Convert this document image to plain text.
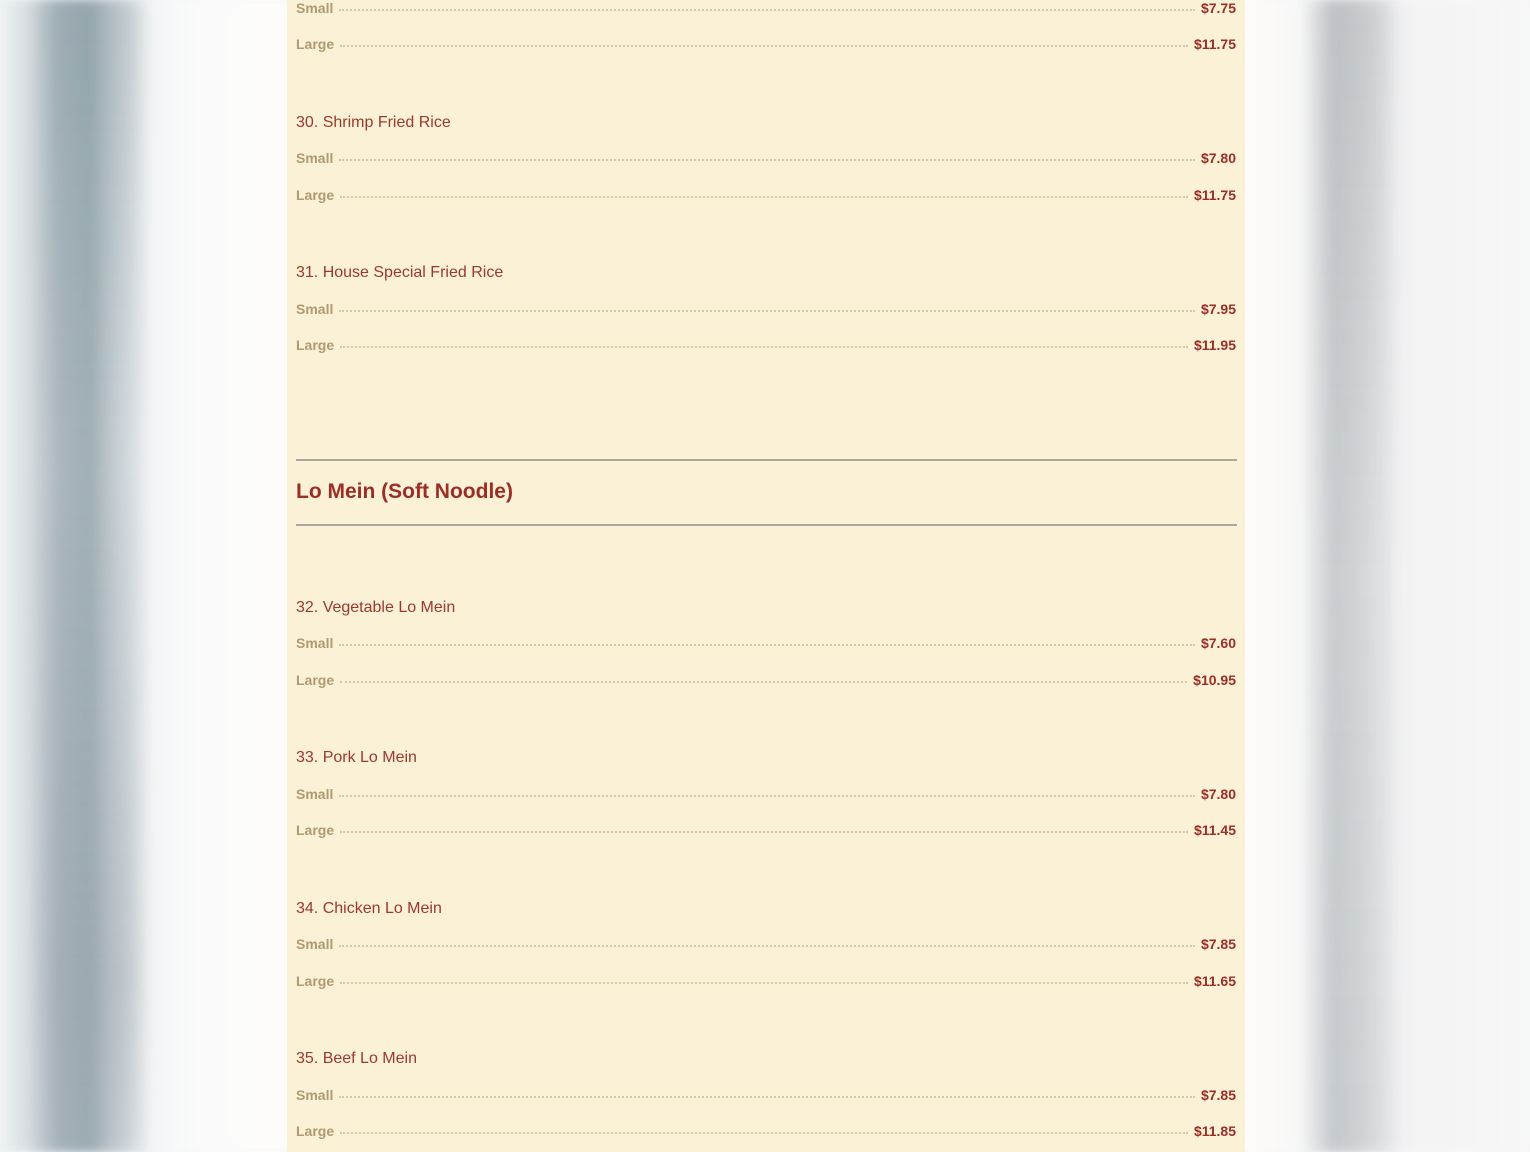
Small	$7.75
Large	$11.75
30. Shrimp Fried Rice
Small	$7.80
Large	$11.75
31. House Special Fried Rice
Small	$7.95
Large	$11.95
Lo Mein (Soft Noodle)
32. Vegetable Lo Mein
Small	$7.60
Large	$10.95
33. Pork Lo Mein
Small	$7.80
Large	$11.45
34. Chicken Lo Mein
Small	$7.85
Large	$11.65
35. Beef Lo Mein
Small	$7.85
Large	$11.85
